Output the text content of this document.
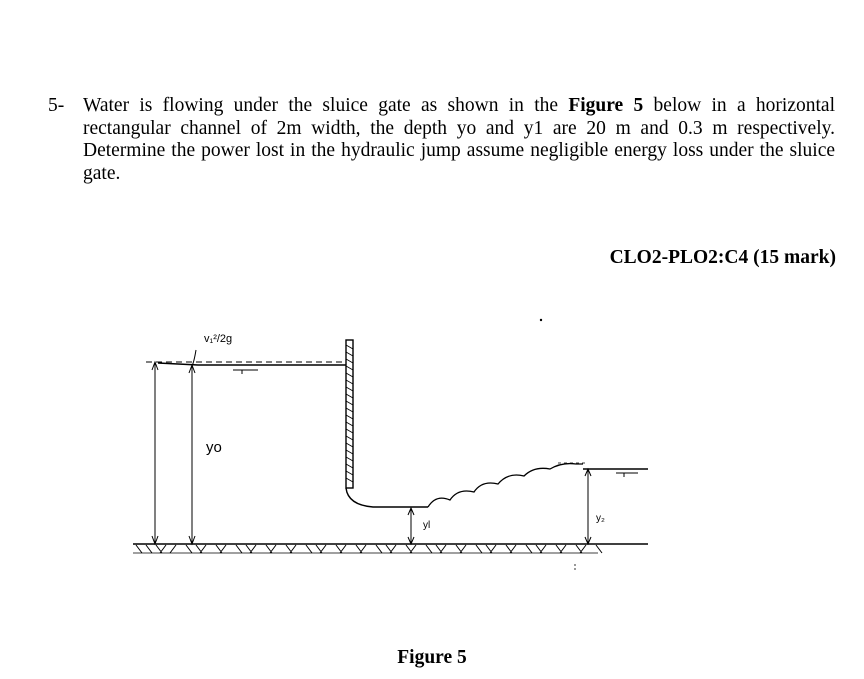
5- Water is flowing under the sluice gate as shown in the Figure 5 below in a horizontal rectangular channel of 2m width, the depth yo and y1 are 20 m and 0.3 m respectively. Determine the power lost in the hydraulic jump assume negligible energy loss under the sluice gate.
CLO2-PLO2:C4 (15 mark)
v₁²/2g
yo
yl
y₂
Figure 5
